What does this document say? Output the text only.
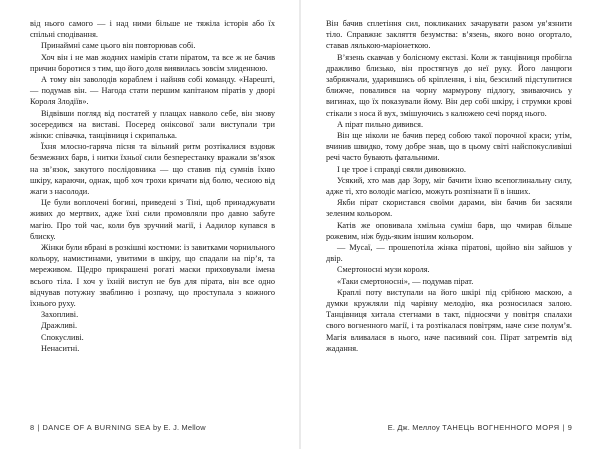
від нього самого — і над ними більше не тяжіла історія або їх спільні сподівання.

Принаймні саме цього він повторював собі.

Хоч він і не мав жодних намірів стати піратом, та все ж не бачив причин боротися з тим, що його доля виявилась зовсім злиденною.

А тому він заволодів кораблем і найняв собі команду. «Нарешті, — подумав він. — Нагода стати першим капітаном піратів у дворі Короля Злодіїв».

Відвівши погляд від постатей у плащах навколо себе, він знову зосередився на виставі. Посеред оніксової зали виступали три жінки: співачка, танцівниця і скрипалька.

Їхня млосно-гаряча пісня та вільний ритм розтікалися вздовж безмежних барв, і нитки їхньої сили безперестанку вражали зв’язок на зв’язок, закутого послідовника — що ставив під сумнів їхню шкіру, караючи, однак, щоб хоч трохи кричати від болю, чесною від жаги з насолоди.

Це були воплочені богині, приведені з Тіні, щоб принаджувати живих до мертвих, адже їхні сили промовляли про давно забуте магію. Про той час, коли був зручний магії, і Аадилор купався в блиску.

Жінки були вбрані в розкішні костюми: із завитками чорнильного кольору, намистинами, увитими в шкіру, що спадали на пір’я, та мереживом. Щедро прикрашені рогаті маски приховували імена всього тіла. І хоч у їхній виступ не був для пірата, він все одно відчував потужну зваблиню і розпачу, що проступала з кожного їхнього руху.

Захопливі.

Дражливі.

Спокусливі.

Ненаситні.

8 | DANCE OF A BURNING SEA by E. J. Mellow

Він бачив сплетіння сил, покликаних зачарувати разом уя’язнити тіло. Справжнє закляття безумства: в’язень, якого воно огортало, ставав лялькою-маріонеткою.

В’язень скавчав у болісному екстазі. Коли ж танцівниця пробігла дражливо близько, він простягнув до неї руку. Його ланцюги забряжчали, ударившись об кріплення, і він, безсилий підступитися ближче, повалився на чорну мармурову підлогу, звиваючись у вигинах, що їх показували йому. Він дер собі шкіру, і струмки крові стікали з носа й вух, змішуючись з калюжею сечі поряд нього.

А пірат пильно дивився.

Він ще ніколи не бачив перед собою такої порочної краси; утім, вчинив швидко, тому добре знав, що в цьому світі найспокусливіші речі часто бувають фатальними.

І це трое і справді сяяли дивовижно.

Усякий, хто мав дар Зору, міг бачити їхню всепоглинальну силу, адже ті, хто володіє магією, можуть розпізнати її в інших.

Якби пірат скористався своїми дарами, він бачив би засяяли зеленим кольором.

Катів же оповивала хмільна суміш барв, що чмирав більше рожевим, ніж будь-яким іншим кольором.

— Мусаї, — прошепотіла жінка піратові, щойно він зайшов у двір.

Смертоносні музи короля.

«Таки смертоносні», — подумав пірат.

Краплі поту виступали на його шкірі під срібною маскою, а думки кружляли під чарівну мелодію, яка розносилася залою. Танцівниця хитала стегнами в такт, підносячи у повітря спалахи свого вогненного магії, і та розтікалася повітрям, наче сизе полум’я. Магія вливалася в нього, наче пасивний сон. Пірат затремтів від жадання.

Е. Дж. Меллоу ТАНЕЦЬ ВОГНЕННОГО МОРЯ | 9
